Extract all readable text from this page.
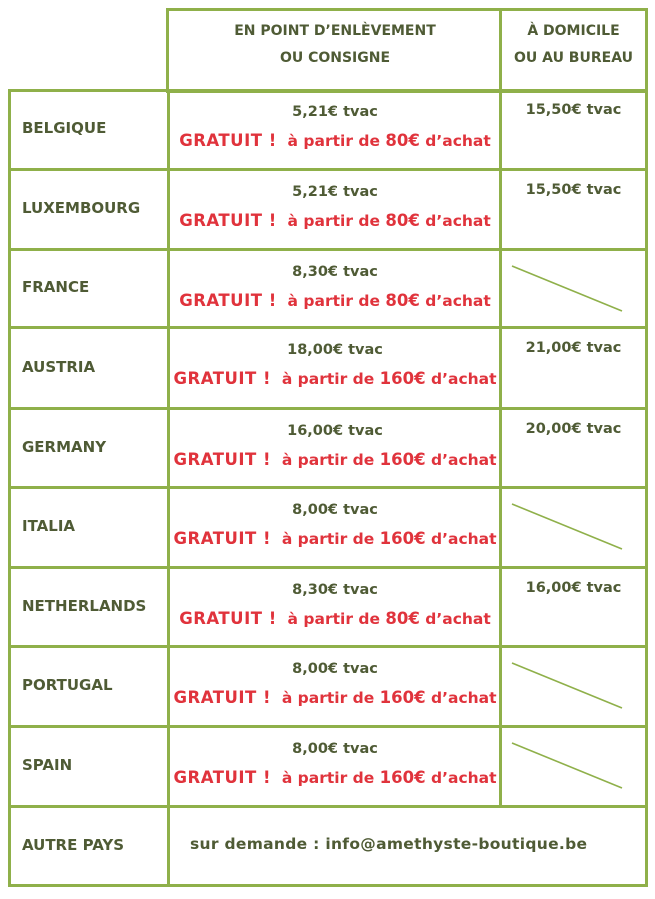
EN POINT D’ENLÈVEMENT
OU CONSIGNE
À DOMICILE
OU AU BUREAU
BELGIQUE
5,21€ tvac
GRATUIT ! à partir de 80€ d’achat
15,50€ tvac
LUXEMBOURG
5,21€ tvac
GRATUIT ! à partir de 80€ d’achat
15,50€ tvac
FRANCE
8,30€ tvac
GRATUIT ! à partir de 80€ d’achat
AUSTRIA
18,00€ tvac
GRATUIT ! à partir de 160€ d’achat
21,00€ tvac
GERMANY
16,00€ tvac
GRATUIT ! à partir de 160€ d’achat
20,00€ tvac
ITALIA
8,00€ tvac
GRATUIT ! à partir de 160€ d’achat
NETHERLANDS
8,30€ tvac
GRATUIT ! à partir de 80€ d’achat
16,00€ tvac
PORTUGAL
8,00€ tvac
GRATUIT ! à partir de 160€ d’achat
SPAIN
8,00€ tvac
GRATUIT ! à partir de 160€ d’achat
AUTRE PAYS	sur demande : info@amethyste-boutique.be
